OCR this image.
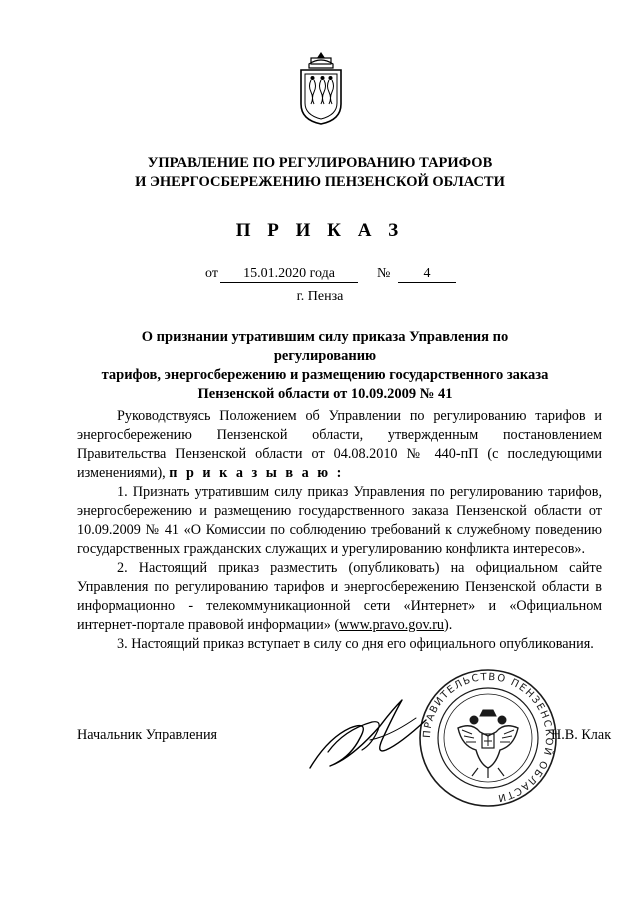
УПРАВЛЕНИЕ ПО РЕГУЛИРОВАНИЮ ТАРИФОВ
И ЭНЕРГОСБЕРЕЖЕНИЮ ПЕНЗЕНСКОЙ ОБЛАСТИ
П Р И К А З
от	15.01.2020 года	№	4
г. Пенза
О признании утратившим силу приказа Управления по регулированию
тарифов, энергосбережению и размещению государственного заказа
Пензенской области от 10.09.2009 № 41

Руководствуясь Положением об Управлении по регулированию тарифов и энергосбережению Пензенской области, утвержденным постановлением Правительства Пензенской области от 04.08.2010 № 440-пП (с последующими изменениями), п р и к а з ы в а ю :

1. Признать утратившим силу приказ Управления по регулированию тарифов, энергосбережению и размещению государственного заказа Пензенской области от 10.09.2009 № 41 «О Комиссии по соблюдению требований к служебному поведению государственных гражданских служащих и урегулированию конфликта интересов».

2. Настоящий приказ разместить (опубликовать) на официальном сайте Управления по регулированию тарифов и энергосбережению Пензенской области в информационно - телекоммуникационной сети «Интернет» и «Официальном интернет-портале правовой информации» (www.pravo.gov.ru).

3. Настоящий приказ вступает в силу со дня его официального опубликования.

ПРАВИТЕЛЬСТВО ПЕНЗЕНСКОЙ ОБЛАСТИ
Начальник Управления	Н.В. Клак
